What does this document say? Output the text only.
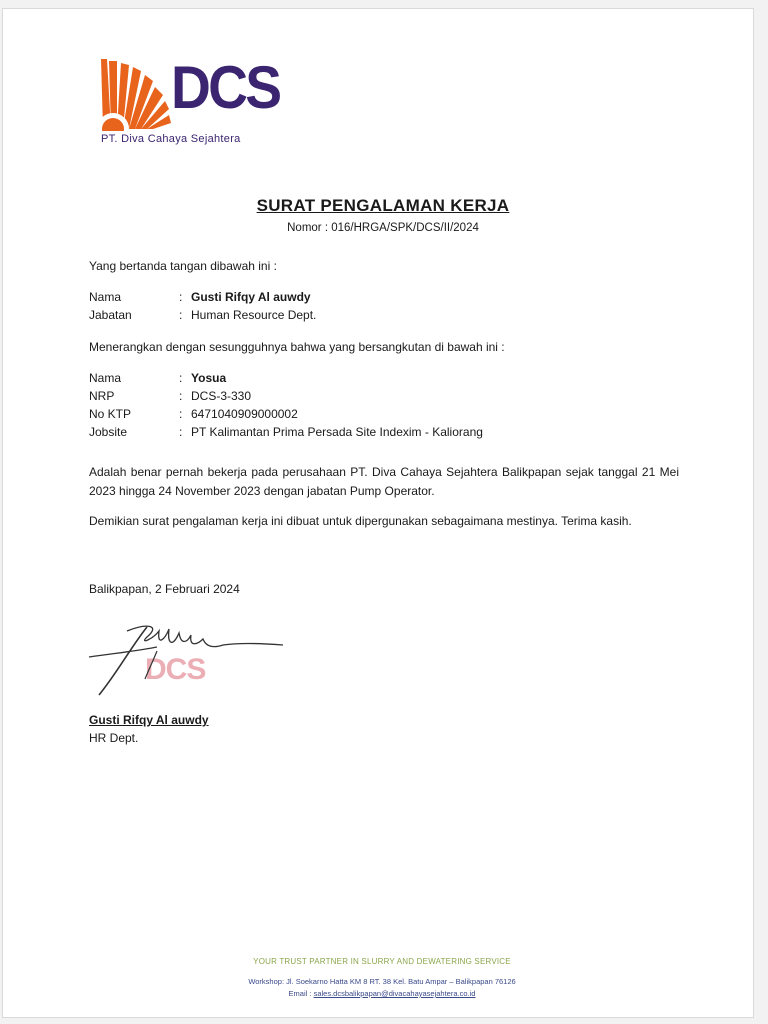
DCS
PT. Diva Cahaya Sejahtera
SURAT PENGALAMAN KERJA
Nomor : 016/HRGA/SPK/DCS/II/2024
Yang bertanda tangan dibawah ini :
Nama	: Gusti Rifqy Al auwdy
Jabatan	: Human Resource Dept.
Menerangkan dengan sesungguhnya bahwa yang bersangkutan di bawah ini :
Nama	: Yosua
NRP	: DCS-3-330
No KTP	: 6471040909000002
Jobsite	: PT Kalimantan Prima Persada Site Indexim - Kaliorang
Adalah benar pernah bekerja pada perusahaan PT. Diva Cahaya Sejahtera Balikpapan sejak tanggal 21 Mei 2023 hingga 24 November 2023 dengan jabatan Pump Operator.
Demikian surat pengalaman kerja ini dibuat untuk dipergunakan sebagaimana mestinya. Terima kasih.
Balikpapan, 2 Februari 2024
DCS
Gusti Rifqy Al auwdy
HR Dept.
YOUR TRUST PARTNER IN SLURRY AND DEWATERING SERVICE
Workshop: Jl. Soekarno Hatta KM 8 RT. 38 Kel. Batu Ampar – Balikpapan 76126
Email : sales.dcsbalikpapan@divacahayasejahtera.co.id
